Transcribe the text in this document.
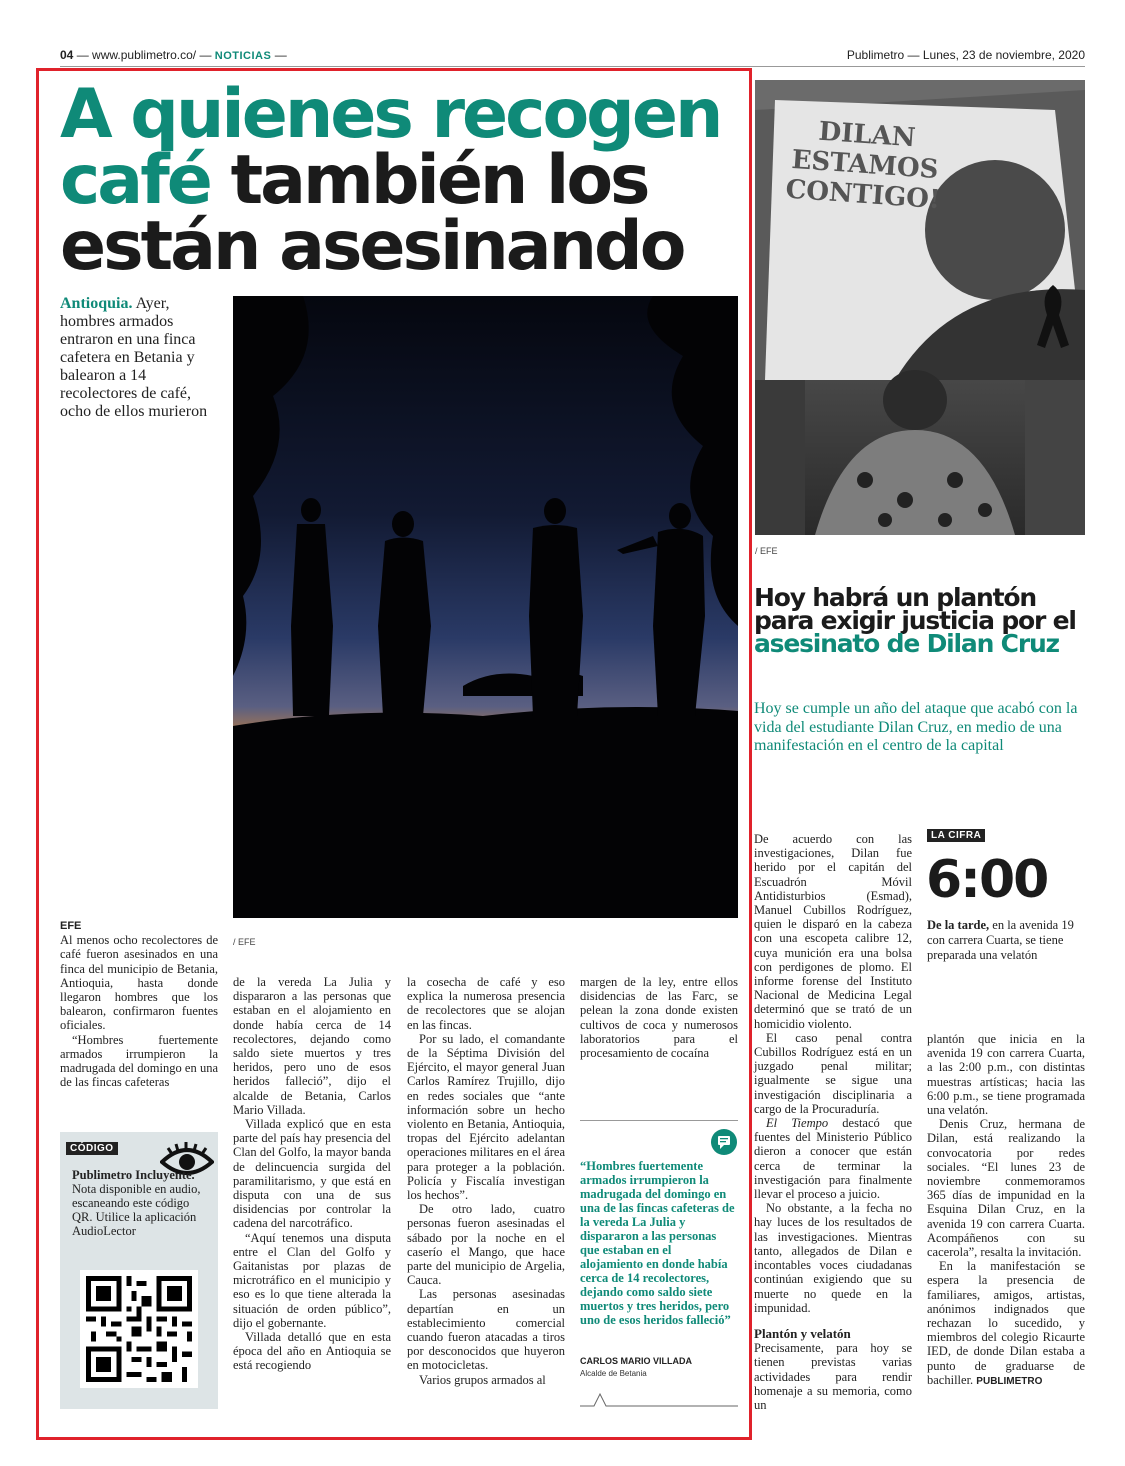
04 — www.publimetro.co/ — NOTICIAS —	Publimetro — Lunes, 23 de noviembre, 2020
A quienes recogen café también los están asesinando
Antioquia. Ayer, hombres armados entraron en una finca cafetera en Betania y balearon a 14 recolectores de café, ocho de ellos murieron
/ EFE
EFE

Al menos ocho recolectores de café fueron asesinados en una finca del municipio de Betania, Antioquia, hasta donde llegaron hombres que los balearon, confirmaron fuentes oficiales.

“Hombres fuertemente armados irrumpieron la madrugada del domingo en una de las fincas cafeteras

CÓDIGO
Publimetro Incluyente. Nota disponible en audio, escaneando este código QR. Utilice la aplicación AudioLector

de la vereda La Julia y dispararon a las personas que estaban en el alojamiento en donde había cerca de 14 recolectores, dejando como saldo siete muertos y tres heridos, pero uno de esos heridos falleció”, dijo el alcalde de Betania, Carlos Mario Villada.

Villada explicó que en esta parte del país hay presencia del Clan del Golfo, la mayor banda de delincuencia surgida del paramilitarismo, y que está en disputa con una de sus disidencias por controlar la cadena del narcotráfico.

“Aquí tenemos una disputa entre el Clan del Golfo y Gaitanistas por plazas de microtráfico en el municipio y eso es lo que tiene alterada la situación de orden público”, dijo el gobernante.

Villada detalló que en esta época del año en Antioquia se está recogiendo

la cosecha de café y eso explica la numerosa presencia de recolectores que se alojan en las fincas.

Por su lado, el comandante de la Séptima División del Ejército, el mayor general Juan Carlos Ramírez Trujillo, dijo en redes sociales que “ante información sobre un hecho violento en Betania, Antioquia, tropas del Ejército adelantan operaciones militares en el área para proteger a la población. Policía y Fiscalía investigan los hechos”.

De otro lado, cuatro personas fueron asesinadas el sábado por la noche en el caserío el Mango, que hace parte del municipio de Argelia, Cauca.

Las personas asesinadas departían en un establecimiento comercial cuando fueron atacadas a tiros por desconocidos que huyeron en motocicletas.

Varios grupos armados al

margen de la ley, entre ellos disidencias de las Farc, se pelean la zona donde existen cultivos de coca y numerosos laboratorios para el procesamiento de cocaína

“Hombres fuertemente armados irrumpieron la madrugada del domingo en una de las fincas cafeteras de la vereda La Julia y dispararon a las personas que estaban en el alojamiento en donde había cerca de 14 recolectores, dejando como saldo siete muertos y tres heridos, pero uno de esos heridos falleció”
CARLOS MARIO VILLADA
Alcalde de Betania
DILAN
ESTAMOS
CONTIGO!
/ EFE
Hoy habrá un plantón para exigir justicia por el asesinato de Dilan Cruz
Hoy se cumple un año del ataque que acabó con la vida del estudiante Dilan Cruz, en medio de una manifestación en el centro de la capital

De acuerdo con las investigaciones, Dilan fue herido por el capitán del Escuadrón Móvil Antidisturbios (Esmad), Manuel Cubillos Rodríguez, quien le disparó en la cabeza con una escopeta calibre 12, cuya munición era una bolsa con perdigones de plomo. El informe forense del Instituto Nacional de Medicina Legal determinó que se trató de un homicidio violento.

El caso penal contra Cubillos Rodríguez está en un juzgado penal militar; igualmente se sigue una investigación disciplinaria a cargo de la Procuraduría.

El Tiempo destacó que fuentes del Ministerio Público dieron a conocer que están cerca de terminar la investigación para finalmente llevar el proceso a juicio.

No obstante, a la fecha no hay luces de los resultados de las investigaciones. Mientras tanto, allegados de Dilan e incontables voces ciudadanas continúan exigiendo que su muerte no quede en la impunidad.

Plantón y velatón

Precisamente, para hoy se tienen previstas varias actividades para rendir homenaje a su memoria, como un

LA CIFRA
6:00
De la tarde, en la avenida 19 con carrera Cuarta, se tiene preparada una velatón

plantón que inicia en la avenida 19 con carrera Cuarta, a las 2:00 p.m., con distintas muestras artísticas; hacia las 6:00 p.m., se tiene programada una velatón.

Denis Cruz, hermana de Dilan, está realizando la convocatoria por redes sociales. “El lunes 23 de noviembre conmemoramos 365 días de impunidad en la Esquina Dilan Cruz, en la avenida 19 con carrera Cuarta. Acompáñenos con su cacerola”, resalta la invitación.

En la manifestación se espera la presencia de familiares, amigos, artistas, anónimos indignados que rechazan lo sucedido, y miembros del colegio Ricaurte IED, de donde Dilan estaba a punto de graduarse de bachiller. PUBLIMETRO
